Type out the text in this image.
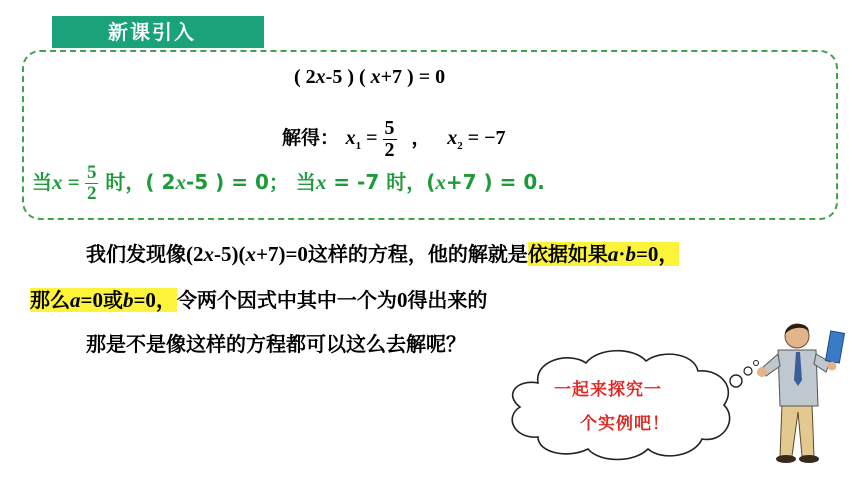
新课引入
( 2x-5 ) ( x+7 ) = 0
解得： $x_1 = \frac{5}{2}$ ， $x_2 = -7$
当$x = \frac{5}{2}$ 时，( 2x-5 ) = 0； 当x = -7 时，(x+7 ) = 0.
我们发现像(2x-5)(x+7)=0这样的方程，他的解就是依据如果a·b=0，
那么a=0或b=0，令两个因式中其中一个为0得出来的
那是不是像这样的方程都可以这么去解呢？
一起来探究一
个实例吧！
